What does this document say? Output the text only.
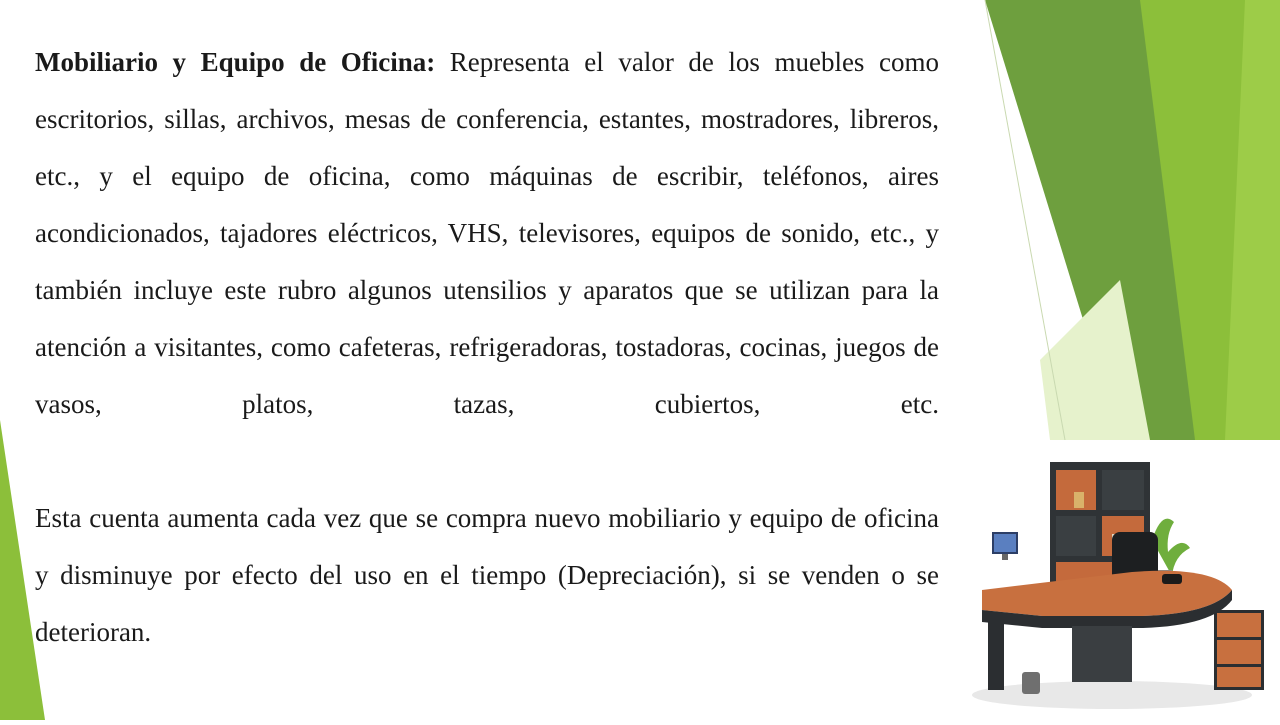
Mobiliario y Equipo de Oficina: Representa el valor de los muebles como escritorios, sillas, archivos, mesas de conferencia, estantes, mostradores, libreros, etc., y el equipo de oficina, como máquinas de escribir, teléfonos, aires acondicionados, tajadores eléctricos, VHS, televisores, equipos de sonido, etc., y también incluye este rubro algunos utensilios y aparatos que se utilizan para la atención a visitantes, como cafeteras, refrigeradoras, tostadoras, cocinas, juegos de vasos, platos, tazas, cubiertos, etc.

Esta cuenta aumenta cada vez que se compra nuevo mobiliario y equipo de oficina y disminuye por efecto del uso en el tiempo (Depreciación), si se venden o se deterioran.
